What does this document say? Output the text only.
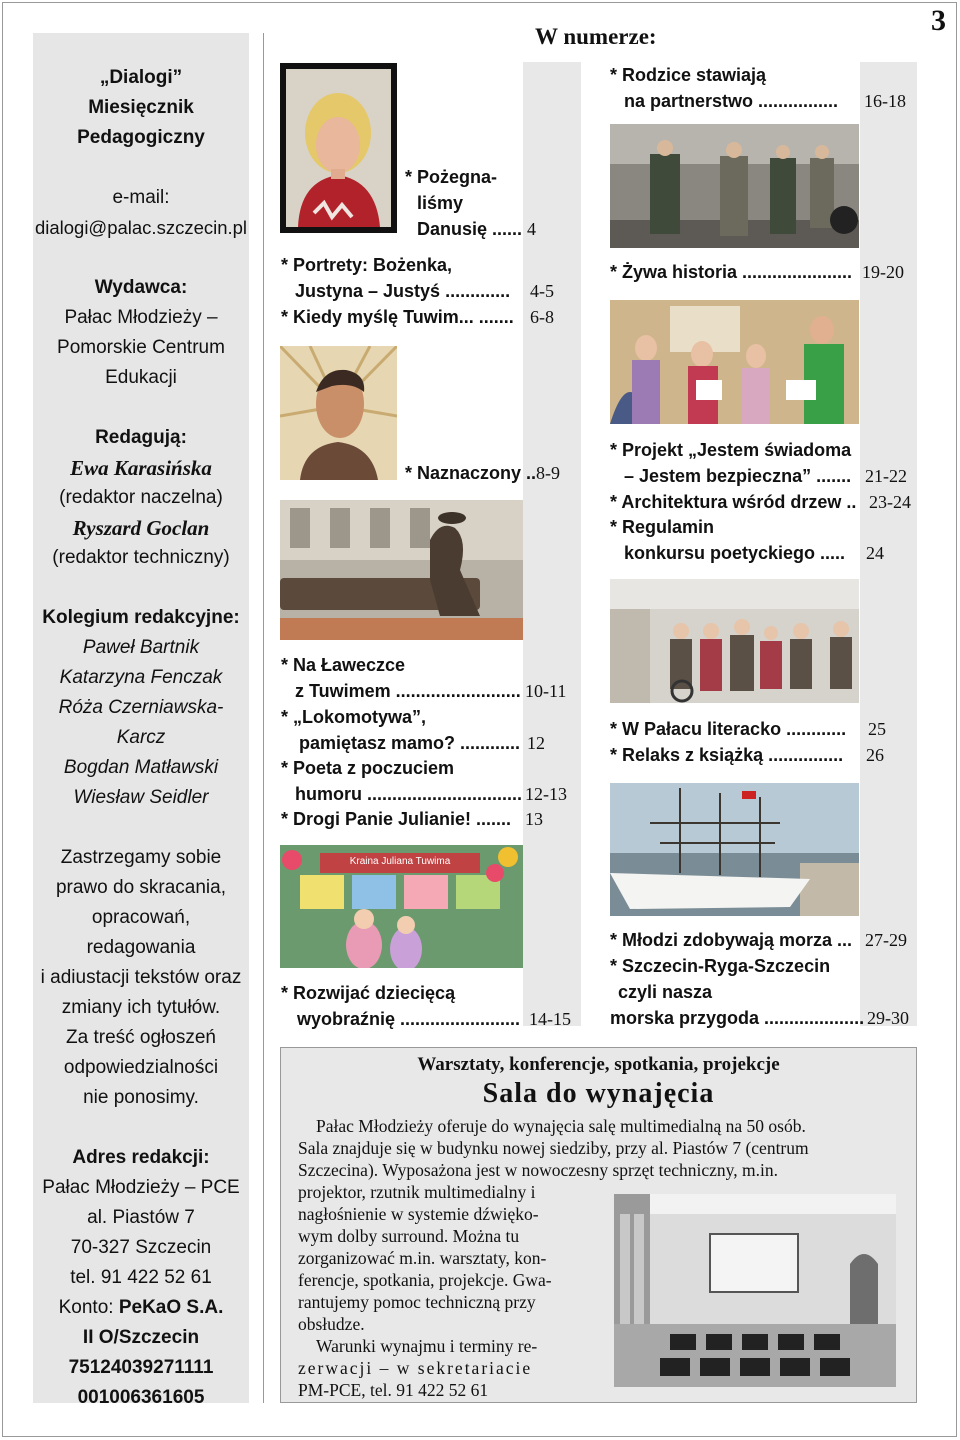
3
„Dialogi” Miesięcznik Pedagogiczny
e-mail:
dialogi@palac.szczecin.pl
Wydawca:
Pałac Młodzieży –
Pomorskie Centrum
Edukacji
Redagują:
Ewa Karasińska
(redaktor naczelna)
Ryszard Goclan
(redaktor techniczny)
Kolegium redakcyjne:
Paweł Bartnik
Katarzyna Fenczak
Róża Czerniawska-
Karcz
Bogdan Matławski
Wiesław Seidler
Zastrzegamy sobie
prawo do skracania,
opracowań,
redagowania
i adiustacji tekstów oraz
zmiany ich tytułów.
Za treść ogłoszeń
odpowiedzialności
nie ponosimy.
Adres redakcji:
Pałac Młodzieży – PCE
al. Piastów 7
70-327 Szczecin
tel. 91 422 52 61
Konto: PeKaO S.A.
II O/Szczecin
75124039271111
001006361605
W numerze:
Kraina Juliana Tuwima
* Pożegna-
liśmy
Danusię ...... 4
* Portrety: Bożenka,
Justyna – Justyś ............. 4-5
* Kiedy myślę Tuwim... ....... 6-8
* Naznaczony ..8-9
* Na Ławeczce
z Tuwimem ......................... 10-11
* „Lokomotywa”,
pamiętasz mamo? ............ 12
* Poeta z poczuciem
humoru ............................... 12-13
* Drogi Panie Julianie! ....... 13
* Rozwijać dziecięcą
wyobraźnię ........................ 14-15
* Rodzice stawiają
na partnerstwo ................ 16-18
* Żywa historia ...................... 19-20
* Projekt „Jestem świadoma
– Jestem bezpieczna” ....... 21-22
* Architektura wśród drzew .. 23-24
* Regulamin
konkursu poetyckiego ..... 24
* W Pałacu literacko ............ 25
* Relaks z książką ............... 26
* Młodzi zdobywają morza ... 27-29
* Szczecin-Ryga-Szczecin
czyli nasza
morska przygoda .................... 29-30
Warsztaty, konferencje, spotkania, projekcje
Sala do wynajęcia
Pałac Młodzieży oferuje do wynajęcia salę multimedialną na 50 osób.
Sala znajduje się w budynku nowej siedziby, przy al. Piastów 7 (centrum
Szczecina). Wyposażona jest w nowoczesny sprzęt techniczny, m.in.
projektor, rzutnik multimedialny i
nagłośnienie w systemie dźwięko-
wym dolby surround. Można tu
zorganizować m.in. warsztaty, kon-
ferencje, spotkania, projekcje. Gwa-
rantujemy pomoc techniczną przy
obsłudze.
Warunki wynajmu i terminy re-
zerwacji – w sekretariacie
PM-PCE, tel. 91 422 52 61
